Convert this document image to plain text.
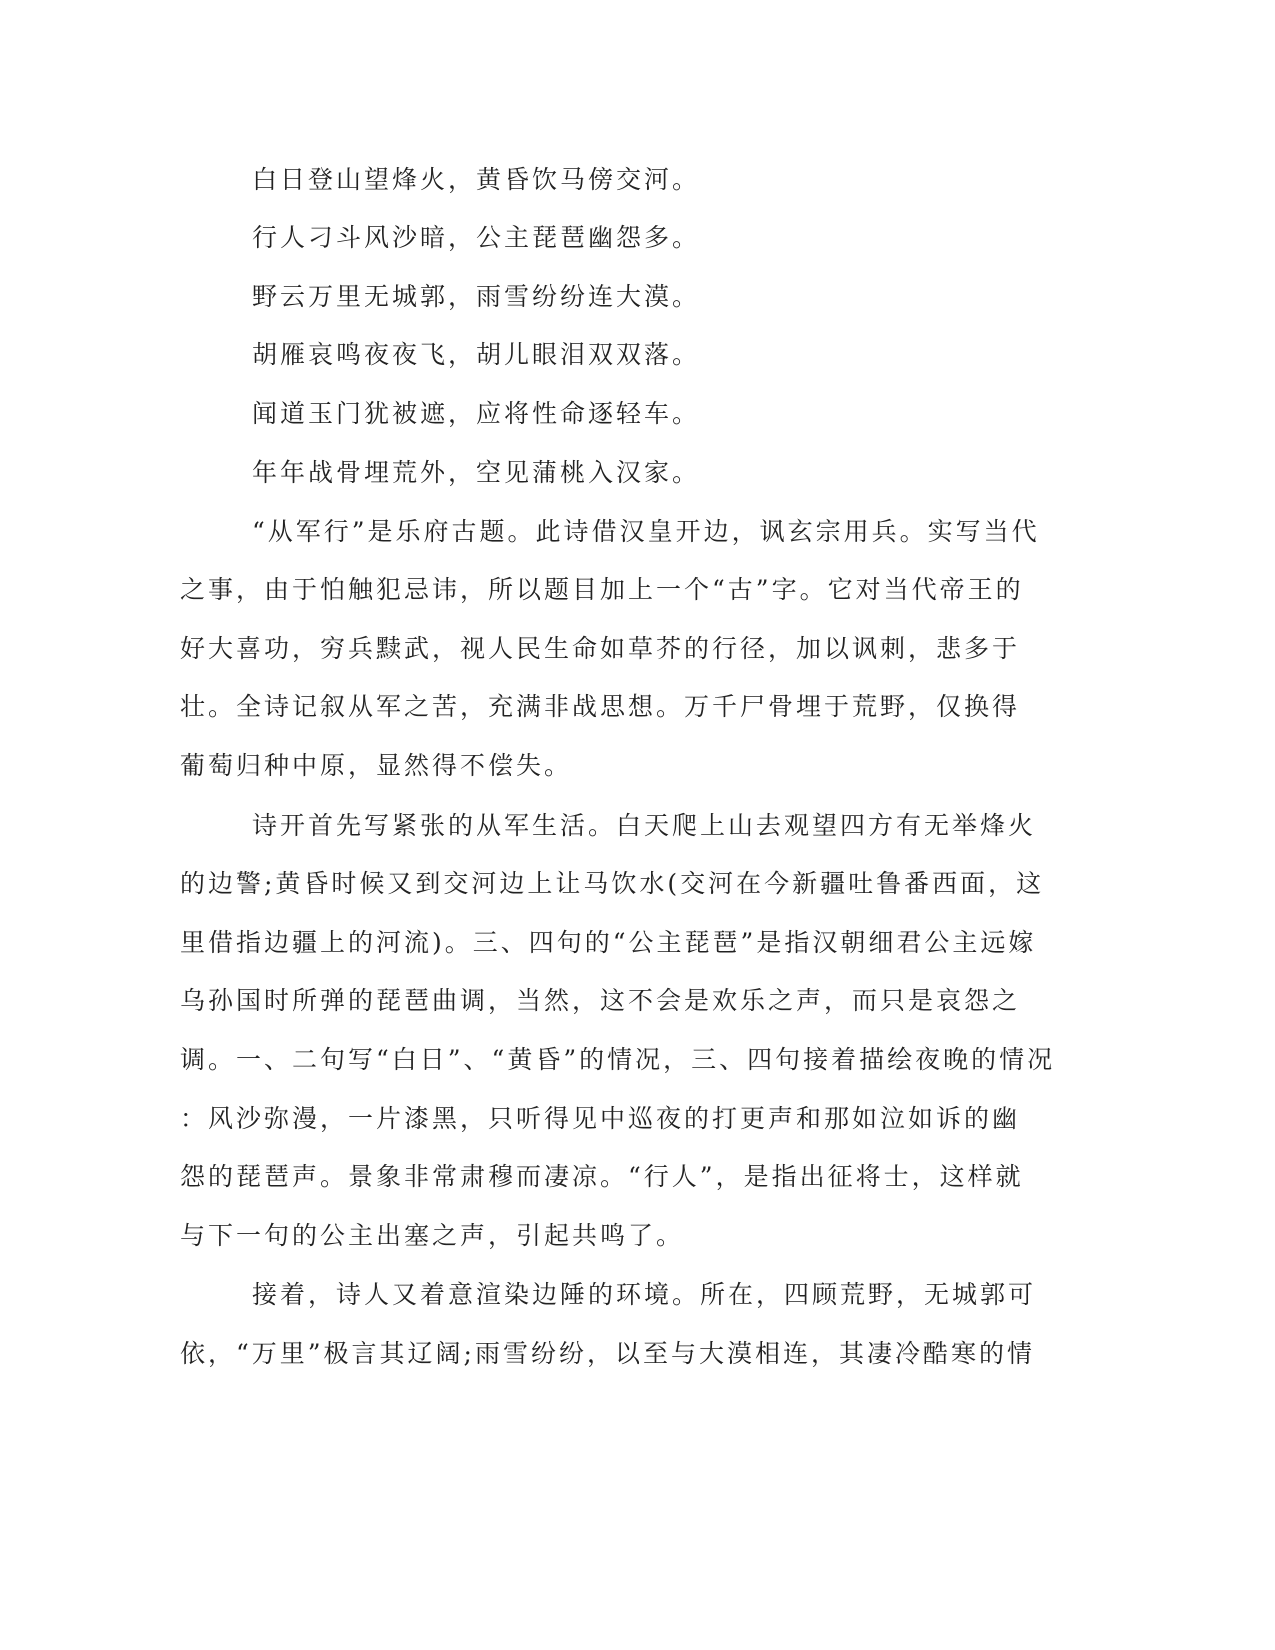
白日登山望烽火，黄昏饮马傍交河。
行人刁斗风沙暗，公主琵琶幽怨多。
野云万里无城郭，雨雪纷纷连大漠。
胡雁哀鸣夜夜飞，胡儿眼泪双双落。
闻道玉门犹被遮，应将性命逐轻车。
年年战骨埋荒外，空见蒲桃入汉家。
“从军行”是乐府古题。此诗借汉皇开边，讽玄宗用兵。实写当代
之事，由于怕触犯忌讳，所以题目加上一个“古”字。它对当代帝王的
好大喜功，穷兵黩武，视人民生命如草芥的行径，加以讽刺，悲多于
壮。全诗记叙从军之苦，充满非战思想。万千尸骨埋于荒野，仅换得
葡萄归种中原，显然得不偿失。
诗开首先写紧张的从军生活。白天爬上山去观望四方有无举烽火
的边警;黄昏时候又到交河边上让马饮水(交河在今新疆吐鲁番西面，这
里借指边疆上的河流)。三、四句的“公主琵琶”是指汉朝细君公主远嫁
乌孙国时所弹的琵琶曲调，当然，这不会是欢乐之声，而只是哀怨之
调。一、二句写“白日”、“黄昏”的情况，三、四句接着描绘夜晚的情况
：风沙弥漫，一片漆黑，只听得见中巡夜的打更声和那如泣如诉的幽
怨的琵琶声。景象非常肃穆而凄凉。“行人”，是指出征将士，这样就
与下一句的公主出塞之声，引起共鸣了。
接着，诗人又着意渲染边陲的环境。所在，四顾荒野，无城郭可
依，“万里”极言其辽阔;雨雪纷纷，以至与大漠相连，其凄冷酷寒的情
